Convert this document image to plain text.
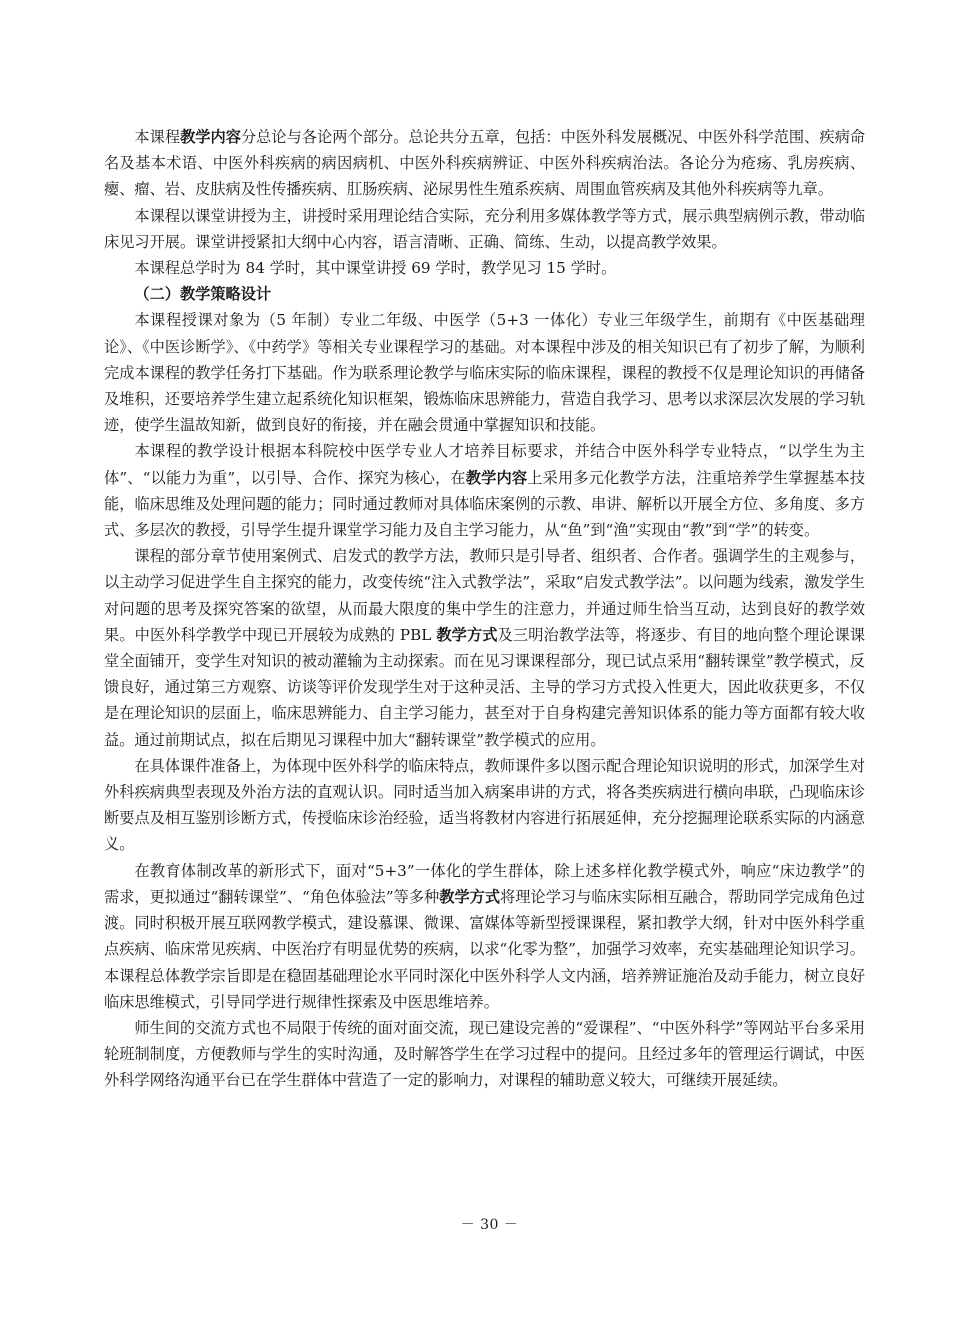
本课程教学内容分总论与各论两个部分。总论共分五章，包括：中医外科发展概况、中医外科学范围、疾病命名及基本术语、中医外科疾病的病因病机、中医外科疾病辨证、中医外科疾病治法。各论分为疮疡、乳房疾病、瘿、瘤、岩、皮肤病及性传播疾病、肛肠疾病、泌尿男性生殖系疾病、周围血管疾病及其他外科疾病等九章。

本课程以课堂讲授为主，讲授时采用理论结合实际，充分利用多媒体教学等方式，展示典型病例示教，带动临床见习开展。课堂讲授紧扣大纲中心内容，语言清晰、正确、简练、生动，以提高教学效果。

本课程总学时为 84 学时，其中课堂讲授 69 学时，教学见习 15 学时。

（二）教学策略设计

本课程授课对象为（5 年制）专业二年级、中医学（5+3 一体化）专业三年级学生，前期有《中医基础理论》、《中医诊断学》、《中药学》等相关专业课程学习的基础。对本课程中涉及的相关知识已有了初步了解，为顺利完成本课程的教学任务打下基础。作为联系理论教学与临床实际的临床课程，课程的教授不仅是理论知识的再储备及堆积，还要培养学生建立起系统化知识框架，锻炼临床思辨能力，营造自我学习、思考以求深层次发展的学习轨迹，使学生温故知新，做到良好的衔接，并在融会贯通中掌握知识和技能。

本课程的教学设计根据本科院校中医学专业人才培养目标要求，并结合中医外科学专业特点，“以学生为主体”、“以能力为重”，以引导、合作、探究为核心，在教学内容上采用多元化教学方法，注重培养学生掌握基本技能，临床思维及处理问题的能力；同时通过教师对具体临床案例的示教、串讲、解析以开展全方位、多角度、多方式、多层次的教授，引导学生提升课堂学习能力及自主学习能力，从“鱼”到“渔”实现由“教”到“学”的转变。

课程的部分章节使用案例式、启发式的教学方法，教师只是引导者、组织者、合作者。强调学生的主观参与，以主动学习促进学生自主探究的能力，改变传统“注入式教学法”，采取“启发式教学法”。以问题为线索，激发学生对问题的思考及探究答案的欲望，从而最大限度的集中学生的注意力，并通过师生恰当互动，达到良好的教学效果。中医外科学教学中现已开展较为成熟的 PBL 教学方式及三明治教学法等，将逐步、有目的地向整个理论课课堂全面铺开，变学生对知识的被动灌输为主动探索。而在见习课课程部分，现已试点采用“翻转课堂”教学模式，反馈良好，通过第三方观察、访谈等评价发现学生对于这种灵活、主导的学习方式投入性更大，因此收获更多，不仅是在理论知识的层面上，临床思辨能力、自主学习能力，甚至对于自身构建完善知识体系的能力等方面都有较大收益。通过前期试点，拟在后期见习课程中加大“翻转课堂”教学模式的应用。

在具体课件准备上，为体现中医外科学的临床特点，教师课件多以图示配合理论知识说明的形式，加深学生对外科疾病典型表现及外治方法的直观认识。同时适当加入病案串讲的方式，将各类疾病进行横向串联，凸现临床诊断要点及相互鉴别诊断方式，传授临床诊治经验，适当将教材内容进行拓展延伸，充分挖掘理论联系实际的内涵意义。

在教育体制改革的新形式下，面对“5+3”一体化的学生群体，除上述多样化教学模式外，响应“床边教学”的需求，更拟通过“翻转课堂”、“角色体验法”等多种教学方式将理论学习与临床实际相互融合，帮助同学完成角色过渡。同时积极开展互联网教学模式，建设慕课、微课、富媒体等新型授课课程，紧扣教学大纲，针对中医外科学重点疾病、临床常见疾病、中医治疗有明显优势的疾病，以求“化零为整”，加强学习效率，充实基础理论知识学习。本课程总体教学宗旨即是在稳固基础理论水平同时深化中医外科学人文内涵，培养辨证施治及动手能力，树立良好临床思维模式，引导同学进行规律性探索及中医思维培养。

师生间的交流方式也不局限于传统的面对面交流，现已建设完善的“爱课程”、“中医外科学”等网站平台多采用轮班制制度，方便教师与学生的实时沟通，及时解答学生在学习过程中的提问。且经过多年的管理运行调试，中医外科学网络沟通平台已在学生群体中营造了一定的影响力，对课程的辅助意义较大，可继续开展延续。

－ 30 －
